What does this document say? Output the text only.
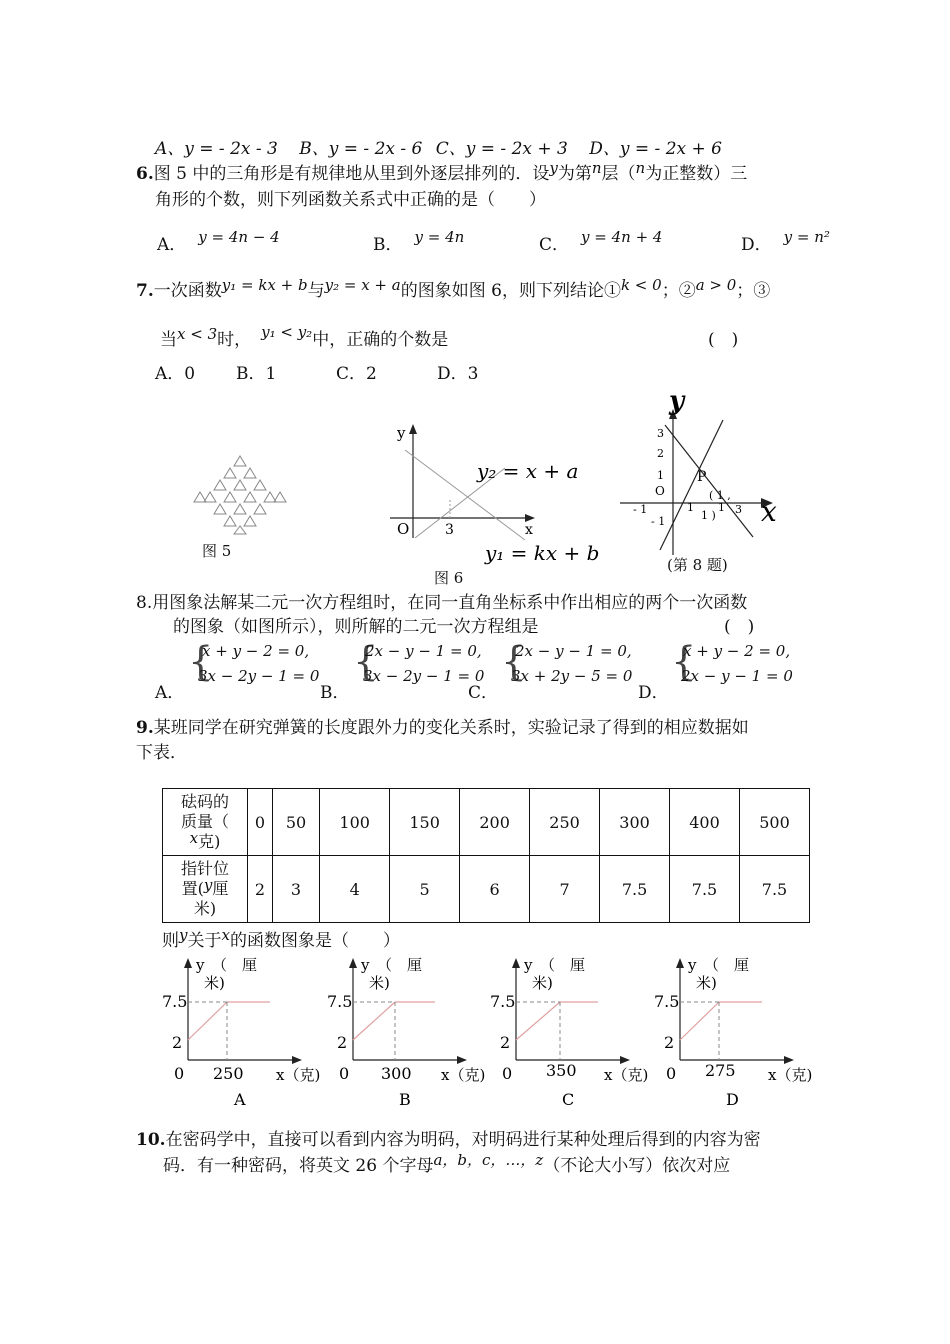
A、y = - 2x - 3 B、y = - 2x - 6 C、y = - 2x + 3 D、y = - 2x + 6
6.图 5 中的三角形是有规律地从里到外逐层排列的．设y为第n层（n为正整数）三
角形的个数，则下列函数关系式中正确的是（　　）
A． y = 4n − 4	B． y = 4n	C． y = 4n + 4	D． y = n²
7.一次函数y₁ = kx + b与y₂ = x + a的图象如图 6，则下列结论①k < 0；②a > 0；③
当x < 3时， y₁ < y₂中，正确的个数是	(　)
A．0 B．1	C．2	D．3
图 5
y
x
O	3
y₂ = x + a
y₁ = kx + b
图 6
y
x
O
P
3
2
1
1
- 1
- 1
1 3
( 1 ,
1 )
(第 8 题)
8.用图象法解某二元一次方程组时，在同一直角坐标系中作出相应的两个一次函数
的图象（如图所示），则所解的二元一次方程组是	(　)
A．
{
x + y − 2 = 0,
3x − 2y − 1 = 0
B．
{
2x − y − 1 = 0,
3x − 2y − 1 = 0
C．
{
2x − y − 1 = 0,
3x + 2y − 5 = 0
D．
{
x + y − 2 = 0,
2x − y − 1 = 0
9.某班同学在研究弹簧的长度跟外力的变化关系时，实验记录了得到的相应数据如
下表．
砝码的
质量（
x克)	0	50	100	150	200	250	300	400	500

指针位
置(y厘
米)	2	3	4	5	6	7	7.5	7.5	7.5
则y关于x的函数图象是（　　）
y　（　厘
米)
7.5
2
0 250 x（克)
A
y　（　厘
米)
7.5
2
0 300 x（克)
B
y　（　厘
米)
7.5
2
0 350 x（克)
C
y　（　厘
米)
7.5
2
0 275 x（克)
D
10.在密码学中，直接可以看到内容为明码，对明码进行某种处理后得到的内容为密
码．有一种密码，将英文 26 个字母a，b，c，…，z（不论大小写）依次对应
